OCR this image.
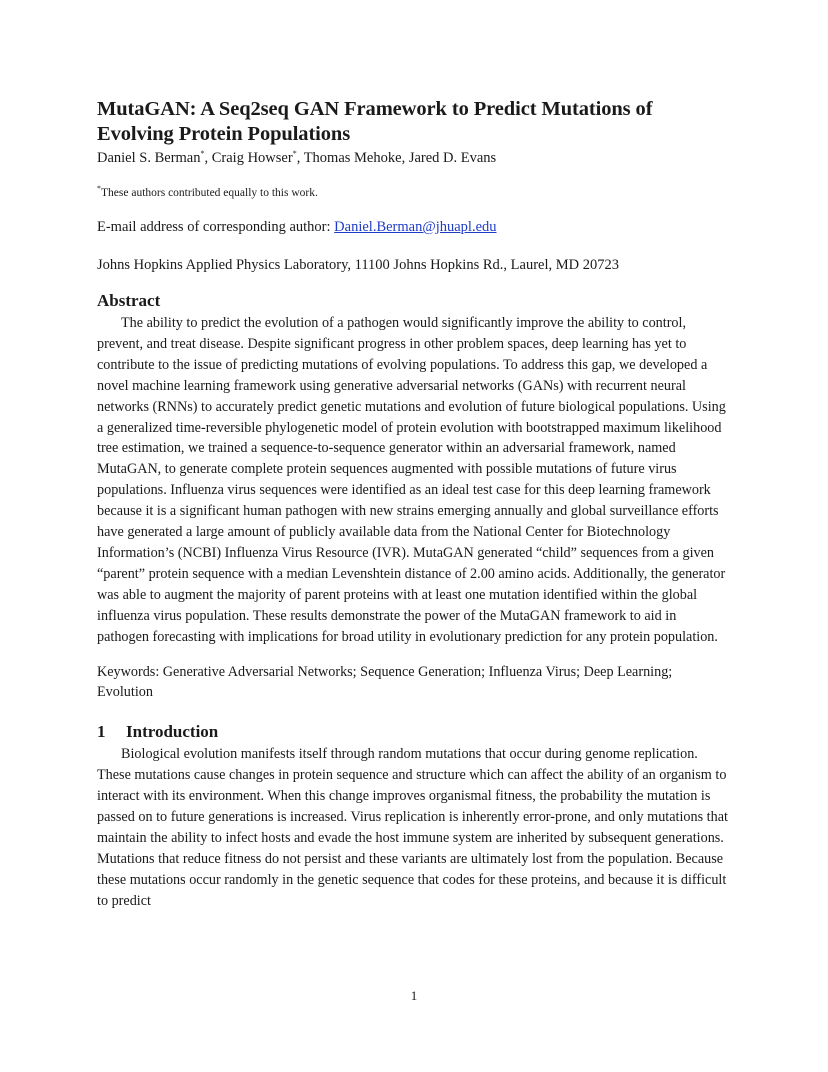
MutaGAN: A Seq2seq GAN Framework to Predict Mutations of Evolving Protein Populations
Daniel S. Berman*, Craig Howser*, Thomas Mehoke, Jared D. Evans
*These authors contributed equally to this work.
E-mail address of corresponding author: Daniel.Berman@jhuapl.edu
Johns Hopkins Applied Physics Laboratory, 11100 Johns Hopkins Rd., Laurel, MD 20723
Abstract

The ability to predict the evolution of a pathogen would significantly improve the ability to control, prevent, and treat disease. Despite significant progress in other problem spaces, deep learning has yet to contribute to the issue of predicting mutations of evolving populations. To address this gap, we developed a novel machine learning framework using generative adversarial networks (GANs) with recurrent neural networks (RNNs) to accurately predict genetic mutations and evolution of future biological populations. Using a generalized time-reversible phylogenetic model of protein evolution with bootstrapped maximum likelihood tree estimation, we trained a sequence-to-sequence generator within an adversarial framework, named MutaGAN, to generate complete protein sequences augmented with possible mutations of future virus populations. Influenza virus sequences were identified as an ideal test case for this deep learning framework because it is a significant human pathogen with new strains emerging annually and global surveillance efforts have generated a large amount of publicly available data from the National Center for Biotechnology Information’s (NCBI) Influenza Virus Resource (IVR). MutaGAN generated “child” sequences from a given “parent” protein sequence with a median Levenshtein distance of 2.00 amino acids. Additionally, the generator was able to augment the majority of parent proteins with at least one mutation identified within the global influenza virus population. These results demonstrate the power of the MutaGAN framework to aid in pathogen forecasting with implications for broad utility in evolutionary prediction for any protein population.

Keywords: Generative Adversarial Networks; Sequence Generation; Influenza Virus; Deep Learning; Evolution
1 Introduction

Biological evolution manifests itself through random mutations that occur during genome replication. These mutations cause changes in protein sequence and structure which can affect the ability of an organism to interact with its environment. When this change improves organismal fitness, the probability the mutation is passed on to future generations is increased. Virus replication is inherently error-prone, and only mutations that maintain the ability to infect hosts and evade the host immune system are inherited by subsequent generations. Mutations that reduce fitness do not persist and these variants are ultimately lost from the population. Because these mutations occur randomly in the genetic sequence that codes for these proteins, and because it is difficult to predict

1
